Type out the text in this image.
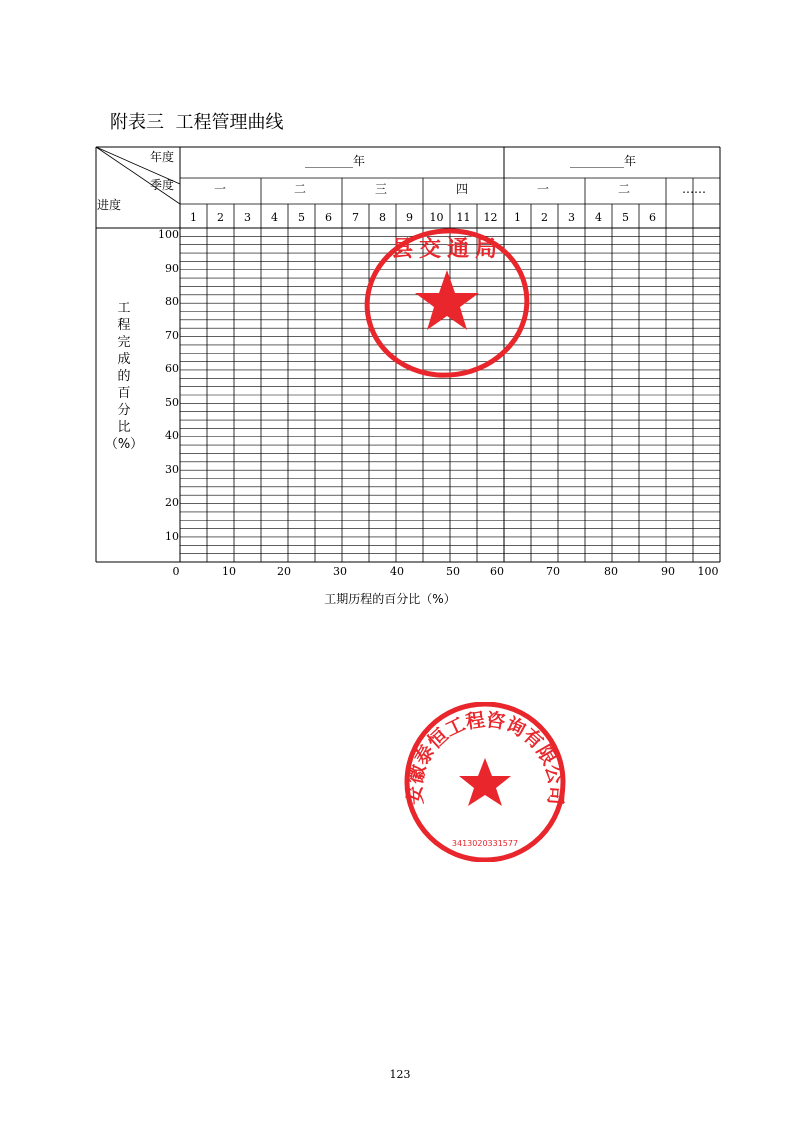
附表三  工程管理曲线
年度
季度
进度
________年	_________年
一	二	三	四	一	二	……
1	2	3	4	5	6	7	8	9	10	11	12	1	2	3	4	5	6
100
90
80
70
60
50
40
30
20
10
0	10	20	30	40	50	60	70	80	90	100
工
程
完
成
的
百
分
比
（%）
工期历程的百分比（%）
123
县交通局
安徽泰恒工程咨询有限公司
3413020331577
